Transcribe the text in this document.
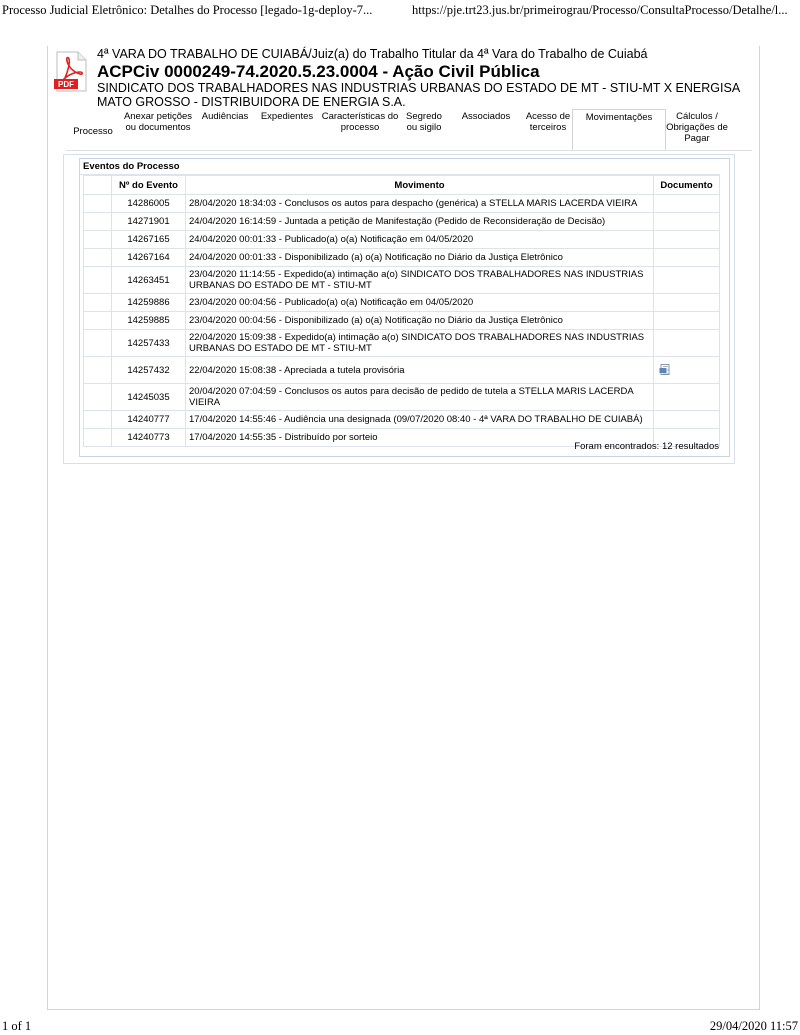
Processo Judicial Eletrônico: Detalhes do Processo [legado-1g-deploy-7...	https://pje.trt23.jus.br/primeirograu/Processo/ConsultaProcesso/Detalhe/l...
PDF
4ª VARA DO TRABALHO DE CUIABÁ/Juiz(a) do Trabalho Titular da 4ª Vara do Trabalho de Cuiabá
ACPCiv 0000249-74.2020.5.23.0004 - Ação Civil Pública
SINDICATO DOS TRABALHADORES NAS INDUSTRIAS URBANAS DO ESTADO DE MT - STIU-MT X ENERGISA MATO GROSSO - DISTRIBUIDORA DE ENERGIA S.A.
Processo
Anexar petições ou documentos
Audiências Expedientes Características do processo
Segredo ou sigilo
Associados Acesso de terceiros
Movimentações	Cálculos / Obrigações de Pagar
Eventos do Processo
	Nº do Evento	Movimento	Documento
	14286005	28/04/2020 18:34:03 - Conclusos os autos para despacho (genérica) a STELLA MARIS LACERDA VIEIRA	
	14271901	24/04/2020 16:14:59 - Juntada a petição de Manifestação (Pedido de Reconsideração de Decisão)	
	14267165	24/04/2020 00:01:33 - Publicado(a) o(a) Notificação em 04/05/2020	
	14267164	24/04/2020 00:01:33 - Disponibilizado (a) o(a) Notificação no Diário da Justiça Eletrônico	
	14263451	23/04/2020 11:14:55 - Expedido(a) intimação a(o) SINDICATO DOS TRABALHADORES NAS INDUSTRIAS URBANAS DO ESTADO DE MT - STIU-MT	
	14259886	23/04/2020 00:04:56 - Publicado(a) o(a) Notificação em 04/05/2020	
	14259885	23/04/2020 00:04:56 - Disponibilizado (a) o(a) Notificação no Diário da Justiça Eletrônico	
	14257433	22/04/2020 15:09:38 - Expedido(a) intimação a(o) SINDICATO DOS TRABALHADORES NAS INDUSTRIAS URBANAS DO ESTADO DE MT - STIU-MT	
	14257432	22/04/2020 15:08:38 - Apreciada a tutela provisória	
	14245035	20/04/2020 07:04:59 - Conclusos os autos para decisão de pedido de tutela a STELLA MARIS LACERDA VIEIRA	
	14240777	17/04/2020 14:55:46 - Audiência una designada (09/07/2020 08:40 - 4ª VARA DO TRABALHO DE CUIABÁ)	
	14240773	17/04/2020 14:55:35 - Distribuído por sorteio	
Foram encontrados: 12 resultados
1 of 1	29/04/2020 11:57
